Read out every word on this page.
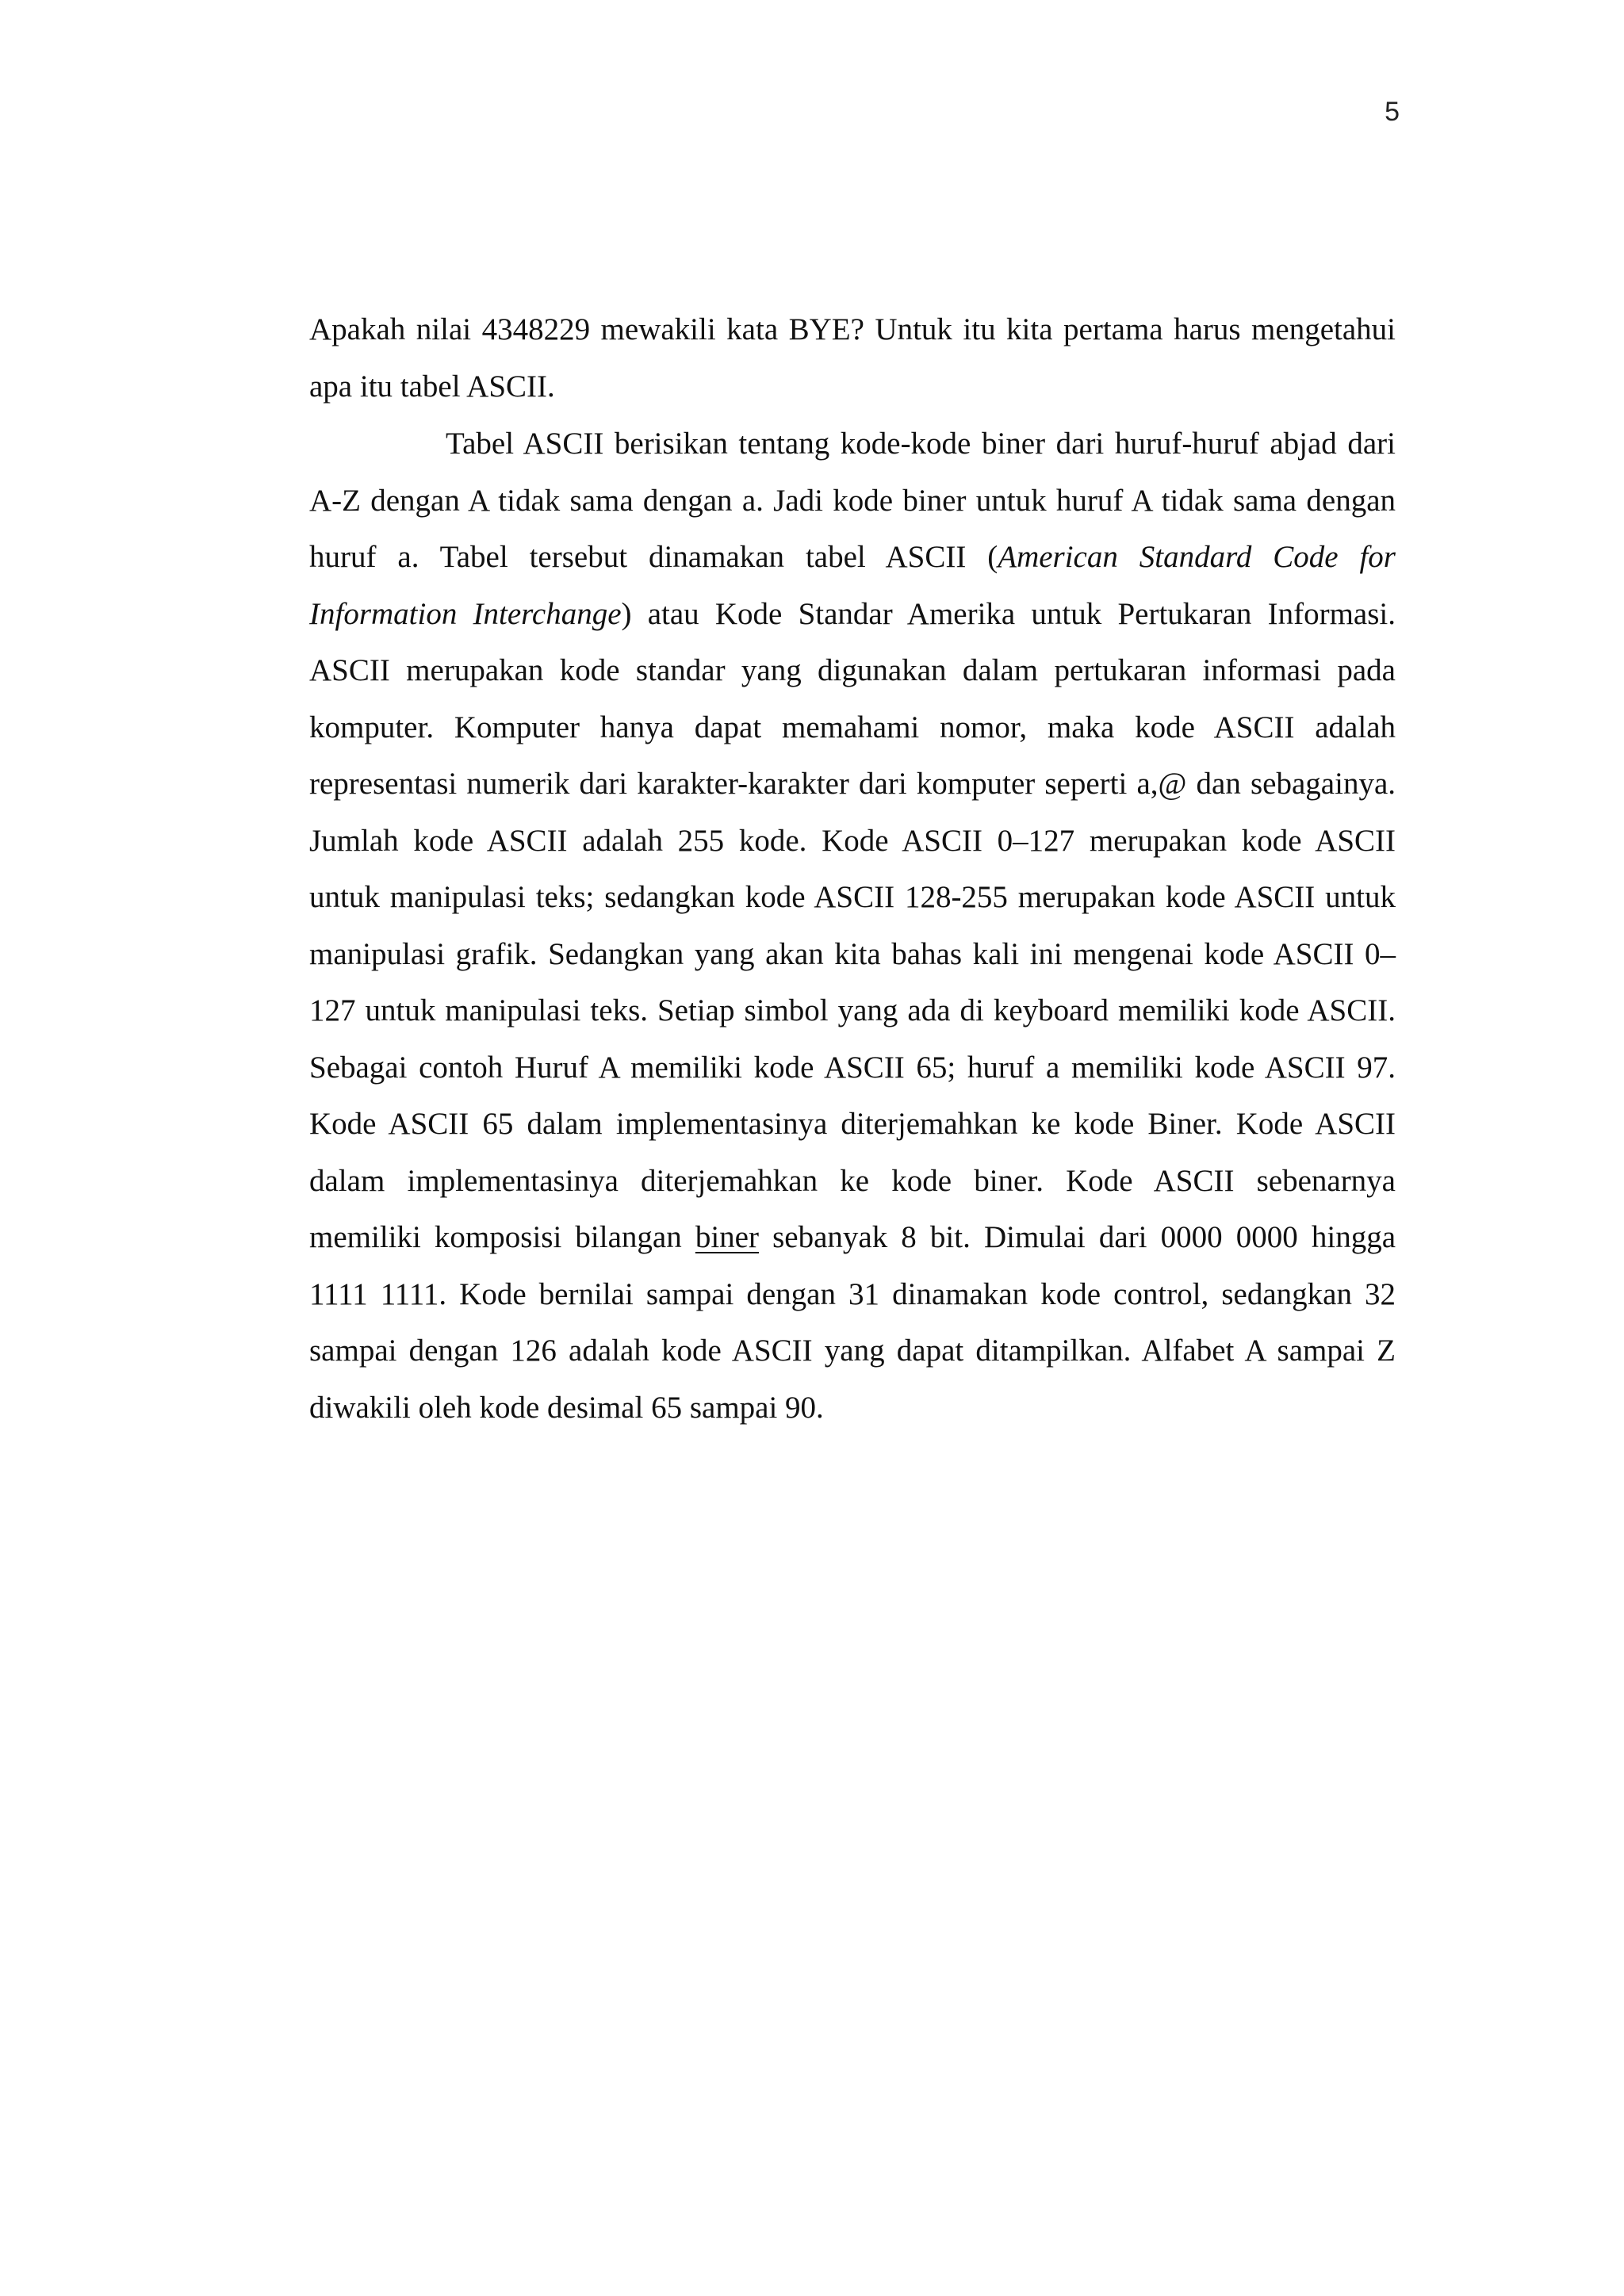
5

Apakah nilai 4348229 mewakili kata BYE? Untuk itu kita pertama harus mengetahui apa itu tabel ASCII.

Tabel ASCII berisikan tentang kode-kode biner dari huruf-huruf abjad dari A-Z dengan A tidak sama dengan a. Jadi kode biner untuk huruf A tidak sama dengan huruf a. Tabel tersebut dinamakan tabel ASCII (American Standard Code for Information Interchange) atau Kode Standar Amerika untuk Pertukaran Informasi. ASCII merupakan kode standar yang digunakan dalam pertukaran informasi pada komputer. Komputer hanya dapat memahami nomor, maka kode ASCII adalah representasi numerik dari karakter-karakter dari komputer seperti a,@ dan sebagainya. Jumlah kode ASCII adalah 255 kode. Kode ASCII 0–127 merupakan kode ASCII untuk manipulasi teks; sedangkan kode ASCII 128-255 merupakan kode ASCII untuk manipulasi grafik. Sedangkan yang akan kita bahas kali ini mengenai kode ASCII 0–127 untuk manipulasi teks. Setiap simbol yang ada di keyboard memiliki kode ASCII. Sebagai contoh Huruf A memiliki kode ASCII 65; huruf a memiliki kode ASCII 97. Kode ASCII 65 dalam implementasinya diterjemahkan ke kode Biner. Kode ASCII dalam implementasinya diterjemahkan ke kode biner. Kode ASCII sebenarnya memiliki komposisi bilangan biner sebanyak 8 bit. Dimulai dari 0000 0000 hingga 1111 1111. Kode bernilai sampai dengan 31 dinamakan kode control, sedangkan 32 sampai dengan 126 adalah kode ASCII yang dapat ditampilkan. Alfabet A sampai Z diwakili oleh kode desimal 65 sampai 90.
